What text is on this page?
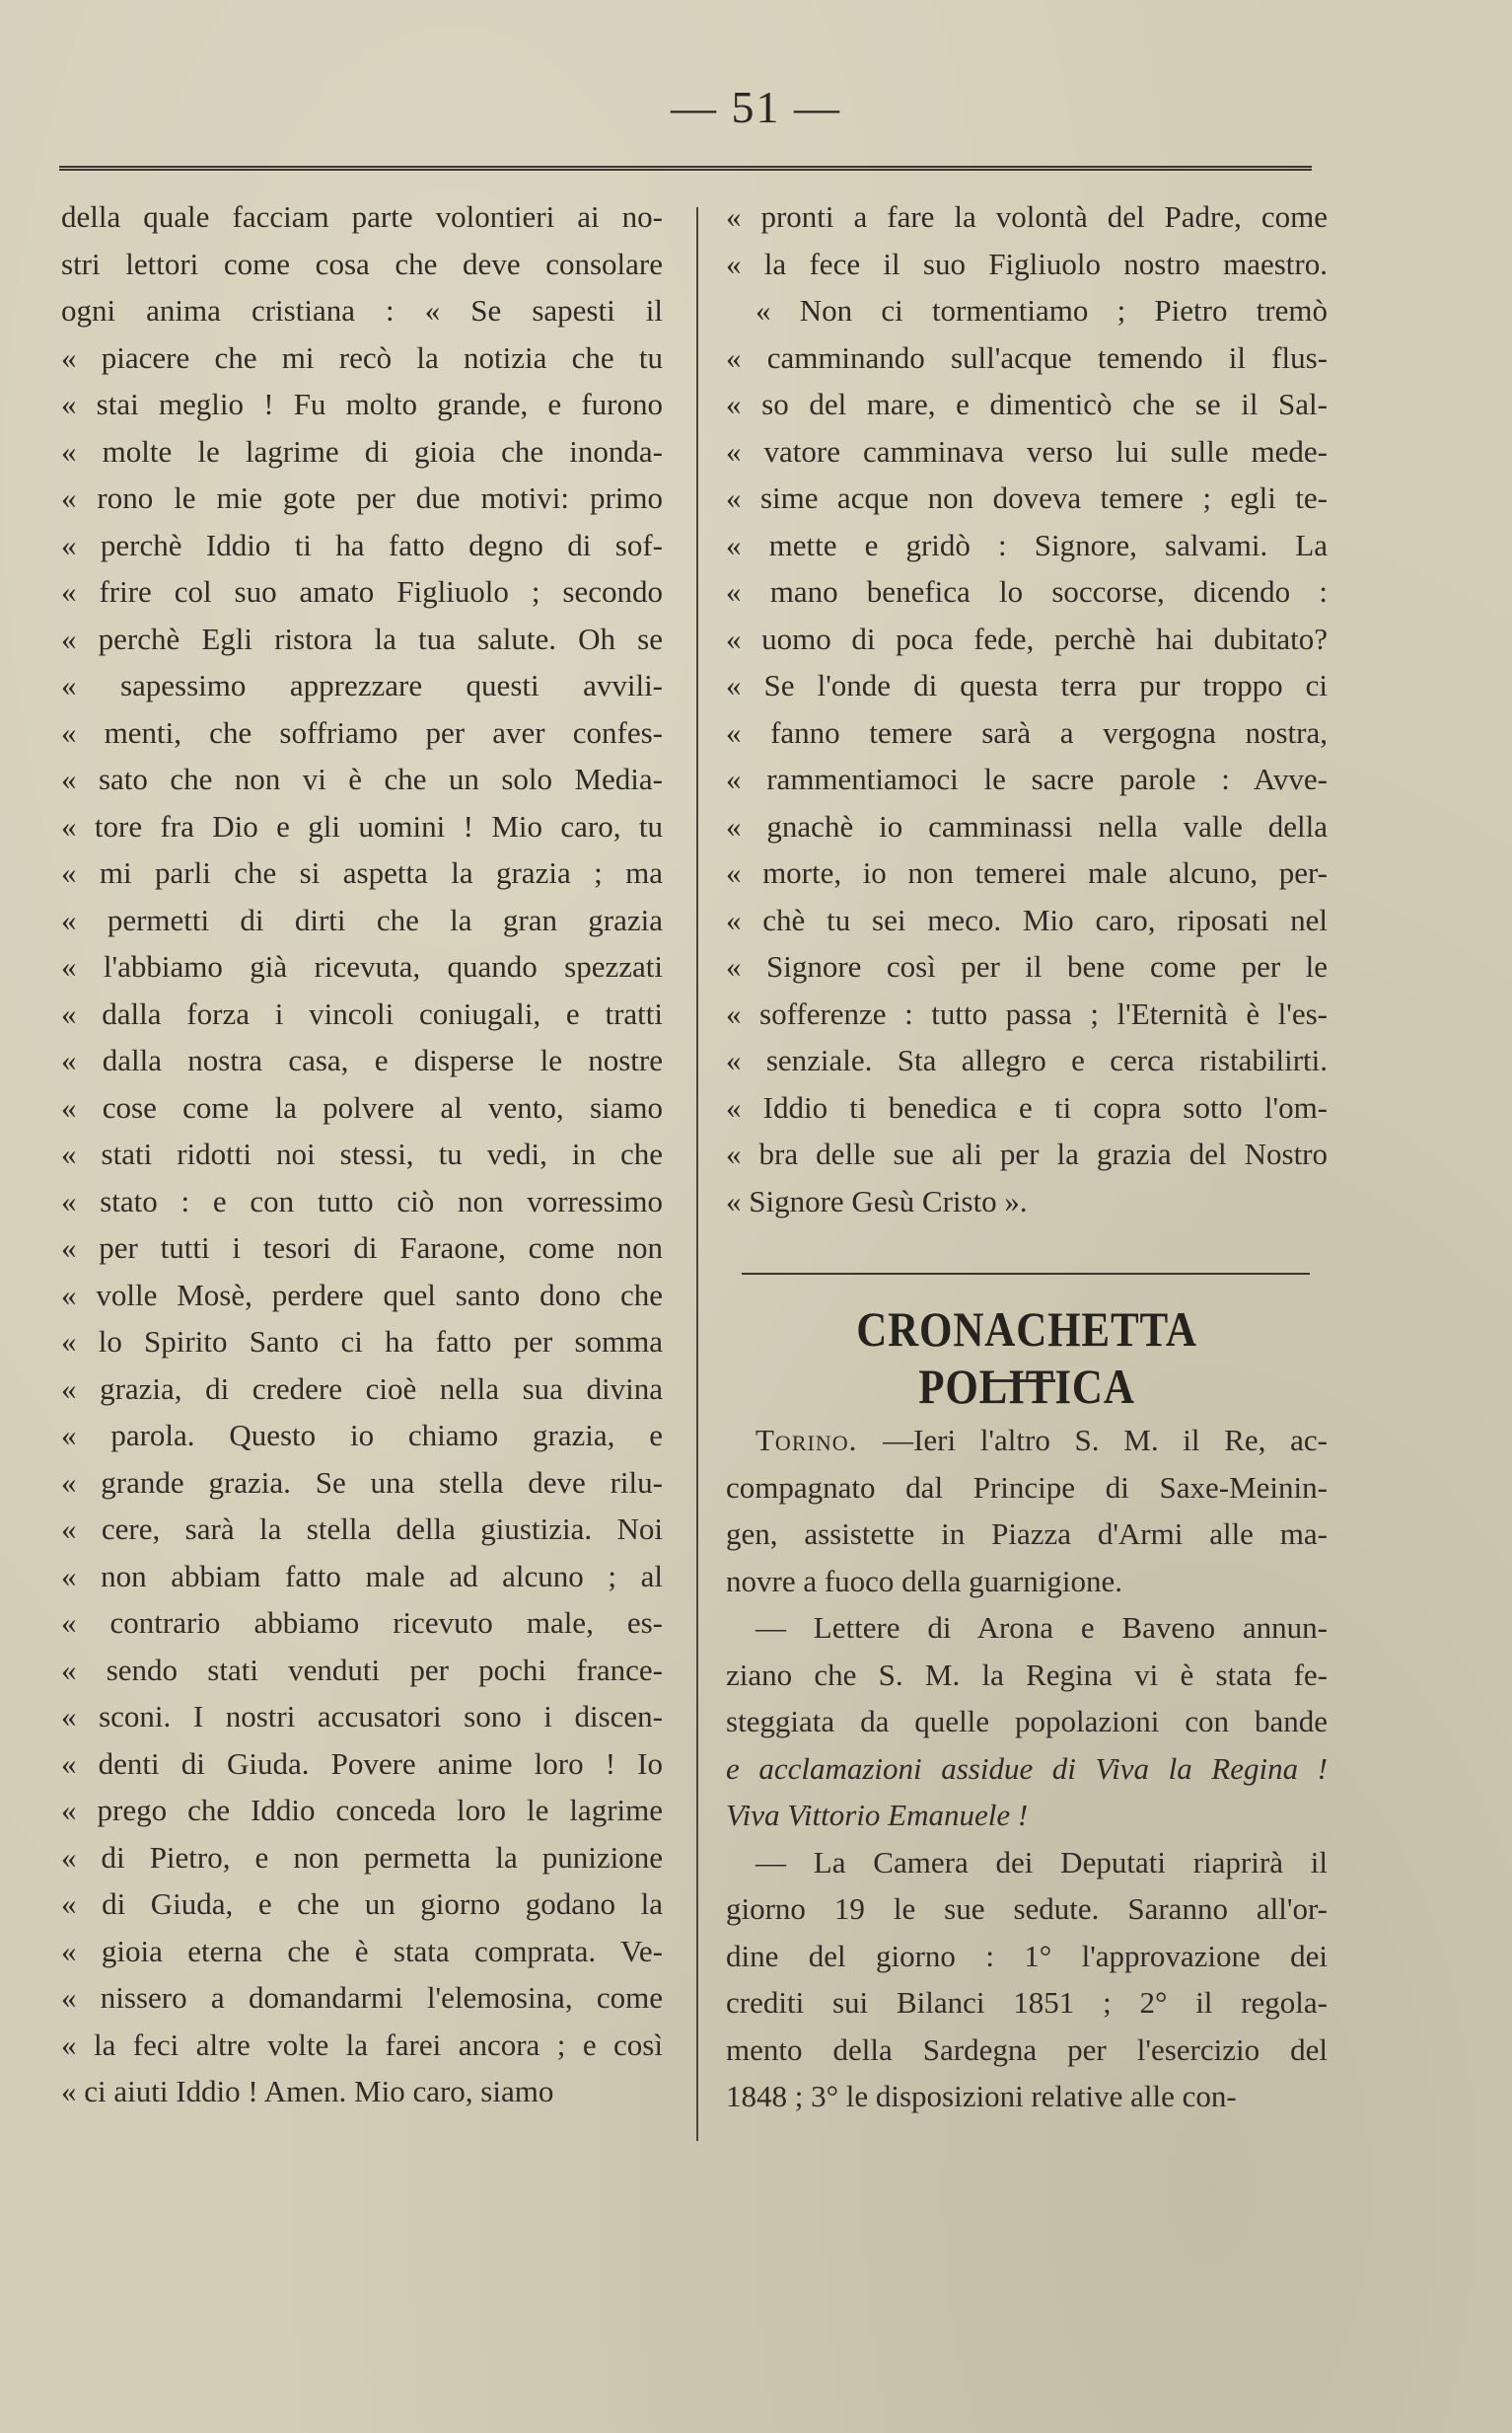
— 51 —
della quale facciam parte volontieri ai no-
stri lettori come cosa che deve consolare
ogni anima cristiana : « Se sapesti il
« piacere che mi recò la notizia che tu
« stai meglio ! Fu molto grande, e furono
« molte le lagrime di gioia che inonda-
« rono le mie gote per due motivi: primo
« perchè Iddio ti ha fatto degno di sof-
« frire col suo amato Figliuolo ; secondo
« perchè Egli ristora la tua salute. Oh se
« sapessimo apprezzare questi avvili-
« menti, che soffriamo per aver confes-
« sato che non vi è che un solo Media-
« tore fra Dio e gli uomini ! Mio caro, tu
« mi parli che si aspetta la grazia ; ma
« permetti di dirti che la gran grazia
« l'abbiamo già ricevuta, quando spezzati
« dalla forza i vincoli coniugali, e tratti
« dalla nostra casa, e disperse le nostre
« cose come la polvere al vento, siamo
« stati ridotti noi stessi, tu vedi, in che
« stato : e con tutto ciò non vorressimo
« per tutti i tesori di Faraone, come non
« volle Mosè, perdere quel santo dono che
« lo Spirito Santo ci ha fatto per somma
« grazia, di credere cioè nella sua divina
« parola. Questo io chiamo grazia, e
« grande grazia. Se una stella deve rilu-
« cere, sarà la stella della giustizia. Noi
« non abbiam fatto male ad alcuno ; al
« contrario abbiamo ricevuto male, es-
« sendo stati venduti per pochi france-
« sconi. I nostri accusatori sono i discen-
« denti di Giuda. Povere anime loro ! Io
« prego che Iddio conceda loro le lagrime
« di Pietro, e non permetta la punizione
« di Giuda, e che un giorno godano la
« gioia eterna che è stata comprata. Ve-
« nissero a domandarmi l'elemosina, come
« la feci altre volte la farei ancora ; e così
« ci aiuti Iddio ! Amen. Mio caro, siamo
« pronti a fare la volontà del Padre, come
« la fece il suo Figliuolo nostro maestro.
« Non ci tormentiamo ; Pietro tremò
« camminando sull'acque temendo il flus-
« so del mare, e dimenticò che se il Sal-
« vatore camminava verso lui sulle mede-
« sime acque non doveva temere ; egli te-
« mette e gridò : Signore, salvami. La
« mano benefica lo soccorse, dicendo :
« uomo di poca fede, perchè hai dubitato?
« Se l'onde di questa terra pur troppo ci
« fanno temere sarà a vergogna nostra,
« rammentiamoci le sacre parole : Avve-
« gnachè io camminassi nella valle della
« morte, io non temerei male alcuno, per-
« chè tu sei meco. Mio caro, riposati nel
« Signore così per il bene come per le
« sofferenze : tutto passa ; l'Eternità è l'es-
« senziale. Sta allegro e cerca ristabilirti.
« Iddio ti benedica e ti copra sotto l'om-
« bra delle sue ali per la grazia del Nostro
« Signore Gesù Cristo ».
CRONACHETTA POLITICA
Torino. —Ieri l'altro S. M. il Re, ac-
compagnato dal Principe di Saxe-Meinin-
gen, assistette in Piazza d'Armi alle ma-
novre a fuoco della guarnigione.
— Lettere di Arona e Baveno annun-
ziano che S. M. la Regina vi è stata fe-
steggiata da quelle popolazioni con bande
e acclamazioni assidue di Viva la Regina !
Viva Vittorio Emanuele !
— La Camera dei Deputati riaprirà il
giorno 19 le sue sedute. Saranno all'or-
dine del giorno : 1° l'approvazione dei
crediti sui Bilanci 1851 ; 2° il regola-
mento della Sardegna per l'esercizio del
1848 ; 3° le disposizioni relative alle con-
